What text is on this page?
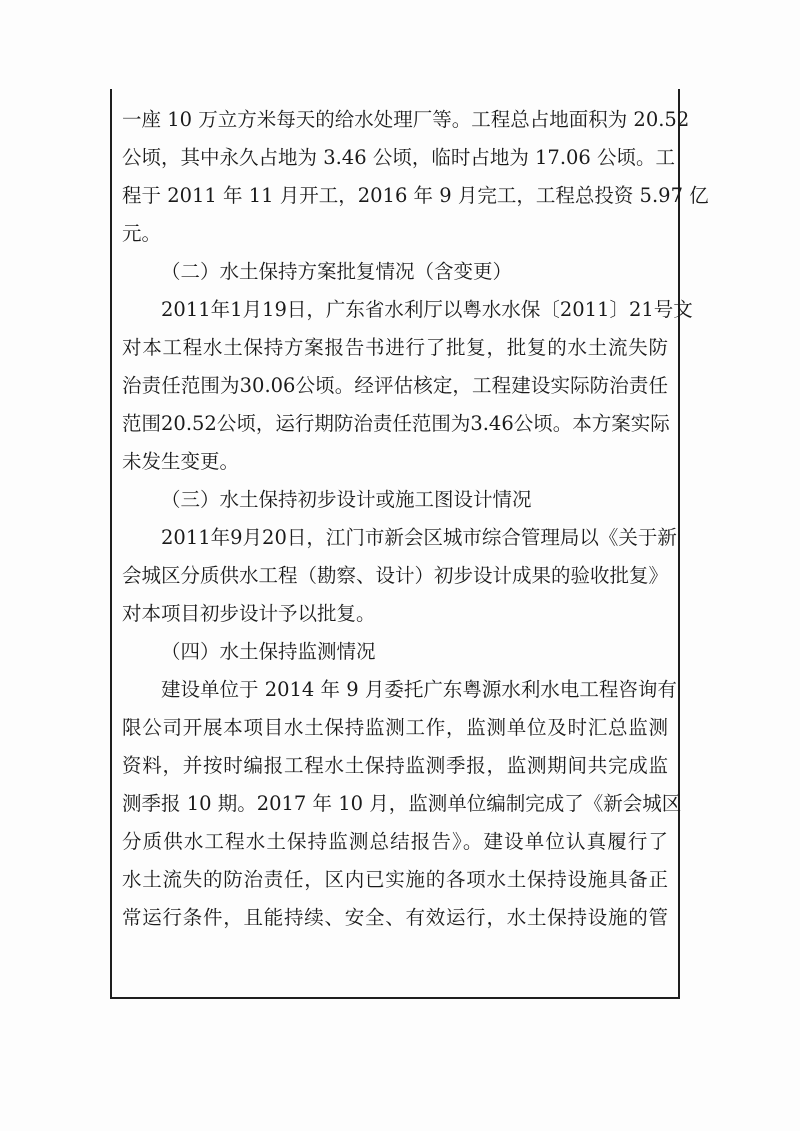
一座 10 万立方米每天的给水处理厂等。工程总占地面积为 20.52
公顷，其中永久占地为 3.46 公顷，临时占地为 17.06 公顷。工
程于 2011 年 11 月开工，2016 年 9 月完工，工程总投资 5.97 亿
元。
（二）水土保持方案批复情况（含变更）
2011年1月19日，广东省水利厅以粤水水保〔2011〕21号文
对本工程水土保持方案报告书进行了批复，批复的水土流失防
治责任范围为30.06公顷。经评估核定，工程建设实际防治责任
范围20.52公顷，运行期防治责任范围为3.46公顷。本方案实际
未发生变更。
（三）水土保持初步设计或施工图设计情况
2011年9月20日，江门市新会区城市综合管理局以《关于新
会城区分质供水工程（勘察、设计）初步设计成果的验收批复》
对本项目初步设计予以批复。
（四）水土保持监测情况
建设单位于 2014 年 9 月委托广东粤源水利水电工程咨询有
限公司开展本项目水土保持监测工作，监测单位及时汇总监测
资料，并按时编报工程水土保持监测季报，监测期间共完成监
测季报 10 期。2017 年 10 月，监测单位编制完成了《新会城区
分质供水工程水土保持监测总结报告》。建设单位认真履行了
水土流失的防治责任，区内已实施的各项水土保持设施具备正
常运行条件，且能持续、安全、有效运行，水土保持设施的管
